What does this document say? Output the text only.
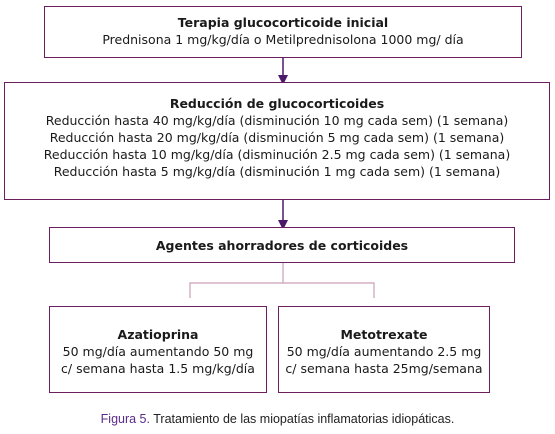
Terapia glucocorticoide inicial
Prednisona 1 mg/kg/día o Metilprednisolona 1000 mg/ día
Reducción de glucocorticoides
Reducción hasta 40 mg/kg/día (disminución 10 mg cada sem) (1 semana)
Reducción hasta 20 mg/kg/día (disminución 5 mg cada sem) (1 semana)
Reducción hasta 10 mg/kg/día (disminución 2.5 mg cada sem) (1 semana)
Reducción hasta 5 mg/kg/día (disminución 1 mg cada sem) (1 semana)
Agentes ahorradores de corticoides
Azatioprina
50 mg/día aumentando 50 mg
c/ semana hasta 1.5 mg/kg/día
Metotrexate
50 mg/día aumentando 2.5 mg
c/ semana hasta 25mg/semana
Figura 5. Tratamiento de las miopatías inflamatorias idiopáticas.
